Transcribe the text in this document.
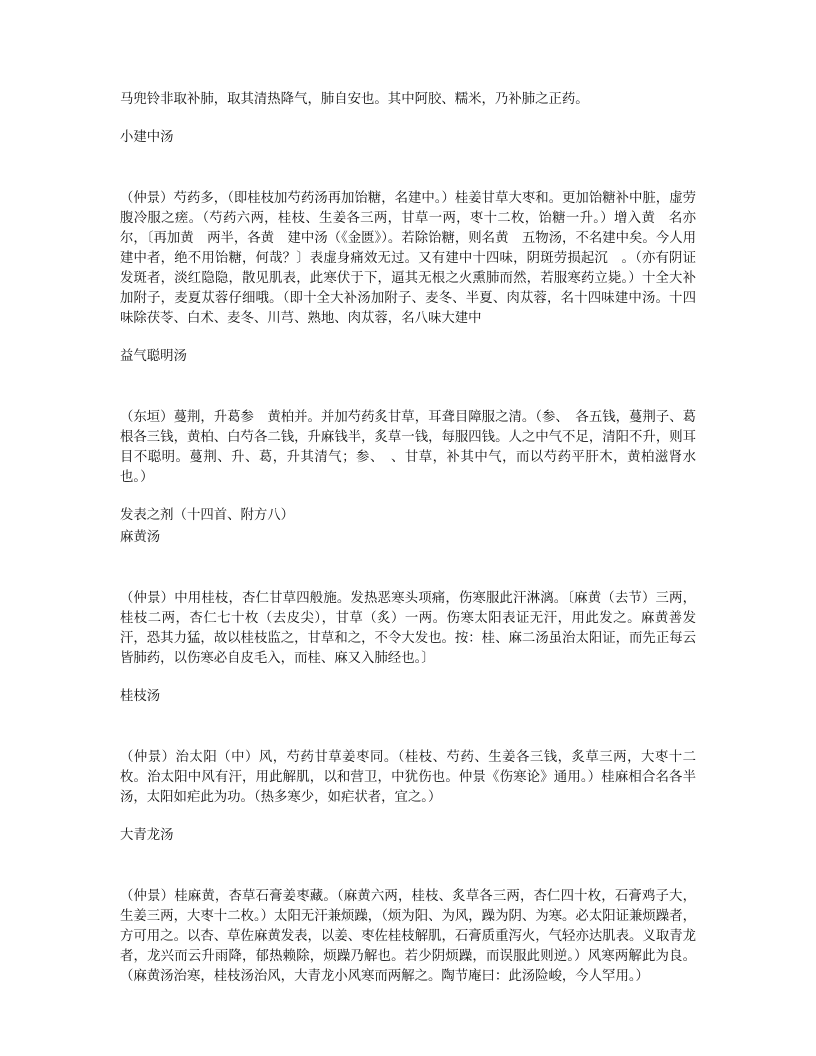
马兜铃非取补肺，取其清热降气，肺自安也。其中阿胶、糯米，乃补肺之正药。

小建中汤

（仲景）芍药多，（即桂枝加芍药汤再加饴糖，名建中。）桂姜甘草大枣和。更加饴糖补中脏，虚劳腹冷服之瘥。（芍药六两，桂枝、生姜各三两，甘草一两，枣十二枚，饴糖一升。）增入黄　名亦尔，〔再加黄　两半，各黄　建中汤（《金匮》）。若除饴糖，则名黄　五物汤，不名建中矣。今人用建中者，绝不用饴糖，何哉？〕表虚身痛效无过。又有建中十四味，阴斑劳损起沉　。（亦有阴证发斑者，淡红隐隐，散见肌表，此寒伏于下，逼其无根之火熏肺而然，若服寒药立毙。）十全大补加附子，麦夏苁蓉仔细哦。（即十全大补汤加附子、麦冬、半夏、肉苁蓉，名十四味建中汤。十四味除茯苓、白术、麦冬、川芎、熟地、肉苁蓉，名八味大建中

益气聪明汤

（东垣）蔓荆，升葛参　黄柏并。并加芍药炙甘草，耳聋目障服之清。（参、　各五钱，蔓荆子、葛根各三钱，黄柏、白芍各二钱，升麻钱半，炙草一钱，每服四钱。人之中气不足，清阳不升，则耳目不聪明。蔓荆、升、葛，升其清气；参、　、甘草，补其中气，而以芍药平肝木，黄柏滋肾水也。）

发表之剂（十四首、附方八）

麻黄汤

（仲景）中用桂枝，杏仁甘草四般施。发热恶寒头项痛，伤寒服此汗淋漓。〔麻黄（去节）三两，桂枝二两，杏仁七十枚（去皮尖），甘草（炙）一两。伤寒太阳表证无汗，用此发之。麻黄善发汗，恐其力猛，故以桂枝监之，甘草和之，不令大发也。按：桂、麻二汤虽治太阳证，而先正每云皆肺药，以伤寒必自皮毛入，而桂、麻又入肺经也。〕

桂枝汤

（仲景）治太阳（中）风，芍药甘草姜枣同。（桂枝、芍药、生姜各三钱，炙草三两，大枣十二枚。治太阳中风有汗，用此解肌，以和营卫，中犹伤也。仲景《伤寒论》通用。）桂麻相合名各半汤，太阳如疟此为功。（热多寒少，如疟状者，宜之。）

大青龙汤

（仲景）桂麻黄，杏草石膏姜枣藏。（麻黄六两，桂枝、炙草各三两，杏仁四十枚，石膏鸡子大，生姜三两，大枣十二枚。）太阳无汗兼烦躁，（烦为阳、为风，躁为阴、为寒。必太阳证兼烦躁者，方可用之。以杏、草佐麻黄发表，以姜、枣佐桂枝解肌，石膏质重泻火，气轻亦达肌表。义取青龙者，龙兴而云升雨降，郁热赖除，烦躁乃解也。若少阴烦躁，而误服此则逆。）风寒两解此为良。（麻黄汤治寒，桂枝汤治风，大青龙小风寒而两解之。陶节庵曰：此汤险峻，今人罕用。）
